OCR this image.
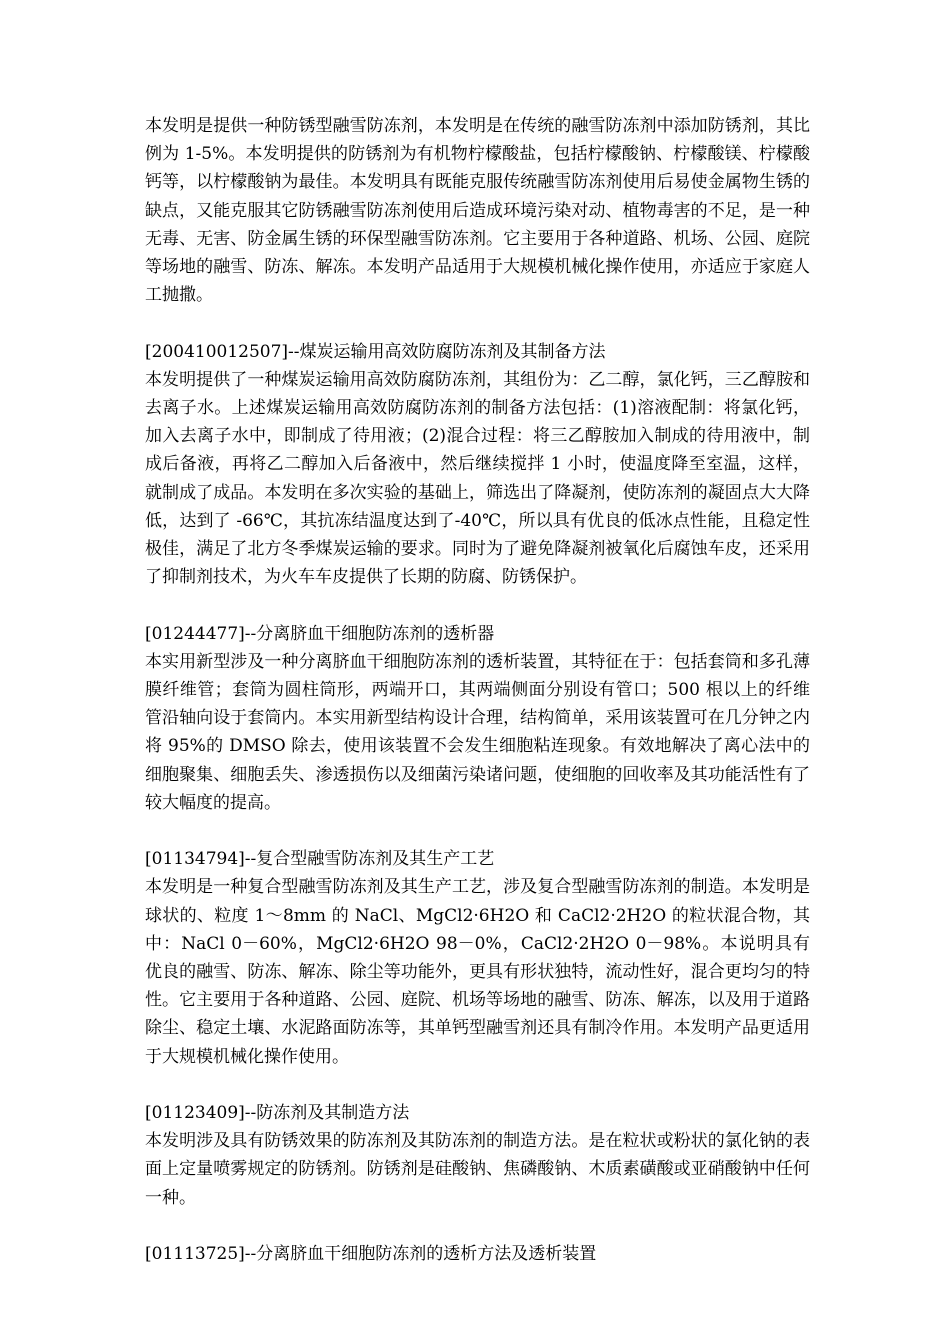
本发明是提供一种防锈型融雪防冻剂，本发明是在传统的融雪防冻剂中添加防锈剂，其比例为 1-5%。本发明提供的防锈剂为有机物柠檬酸盐，包括柠檬酸钠、柠檬酸镁、柠檬酸钙等，以柠檬酸钠为最佳。本发明具有既能克服传统融雪防冻剂使用后易使金属物生锈的缺点，又能克服其它防锈融雪防冻剂使用后造成环境污染对动、植物毒害的不足，是一种无毒、无害、防金属生锈的环保型融雪防冻剂。它主要用于各种道路、机场、公园、庭院等场地的融雪、防冻、解冻。本发明产品适用于大规模机械化操作使用，亦适应于家庭人工抛撒。

[200410012507]--煤炭运输用高效防腐防冻剂及其制备方法

本发明提供了一种煤炭运输用高效防腐防冻剂，其组份为：乙二醇，氯化钙，三乙醇胺和去离子水。上述煤炭运输用高效防腐防冻剂的制备方法包括：(1)溶液配制：将氯化钙，加入去离子水中，即制成了待用液；(2)混合过程：将三乙醇胺加入制成的待用液中，制成后备液，再将乙二醇加入后备液中，然后继续搅拌 1 小时，使温度降至室温，这样，就制成了成品。本发明在多次实验的基础上，筛选出了降凝剂，使防冻剂的凝固点大大降低，达到了 -66℃，其抗冻结温度达到了-40℃，所以具有优良的低冰点性能，且稳定性极佳，满足了北方冬季煤炭运输的要求。同时为了避免降凝剂被氧化后腐蚀车皮，还采用了抑制剂技术，为火车车皮提供了长期的防腐、防锈保护。

[01244477]--分离脐血干细胞防冻剂的透析器

本实用新型涉及一种分离脐血干细胞防冻剂的透析装置，其特征在于：包括套筒和多孔薄膜纤维管；套筒为圆柱筒形，两端开口，其两端侧面分别设有管口；500 根以上的纤维管沿轴向设于套筒内。本实用新型结构设计合理，结构简单，采用该装置可在几分钟之内将 95%的 DMSO 除去，使用该装置不会发生细胞粘连现象。有效地解决了离心法中的细胞聚集、细胞丢失、渗透损伤以及细菌污染诸问题，使细胞的回收率及其功能活性有了较大幅度的提高。

[01134794]--复合型融雪防冻剂及其生产工艺

本发明是一种复合型融雪防冻剂及其生产工艺，涉及复合型融雪防冻剂的制造。本发明是球状的、粒度 1～8mm 的 NaCl、MgCl2·6H2O 和 CaCl2·2H2O 的粒状混合物，其中：NaCl 0－60%，MgCl2·6H2O 98－0%，CaCl2·2H2O 0－98%。本说明具有优良的融雪、防冻、解冻、除尘等功能外，更具有形状独特，流动性好，混合更均匀的特性。它主要用于各种道路、公园、庭院、机场等场地的融雪、防冻、解冻，以及用于道路除尘、稳定土壤、水泥路面防冻等，其单钙型融雪剂还具有制冷作用。本发明产品更适用于大规模机械化操作使用。

[01123409]--防冻剂及其制造方法

本发明涉及具有防锈效果的防冻剂及其防冻剂的制造方法。是在粒状或粉状的氯化钠的表面上定量喷雾规定的防锈剂。防锈剂是硅酸钠、焦磷酸钠、木质素磺酸或亚硝酸钠中任何一种。

[01113725]--分离脐血干细胞防冻剂的透析方法及透析装置
